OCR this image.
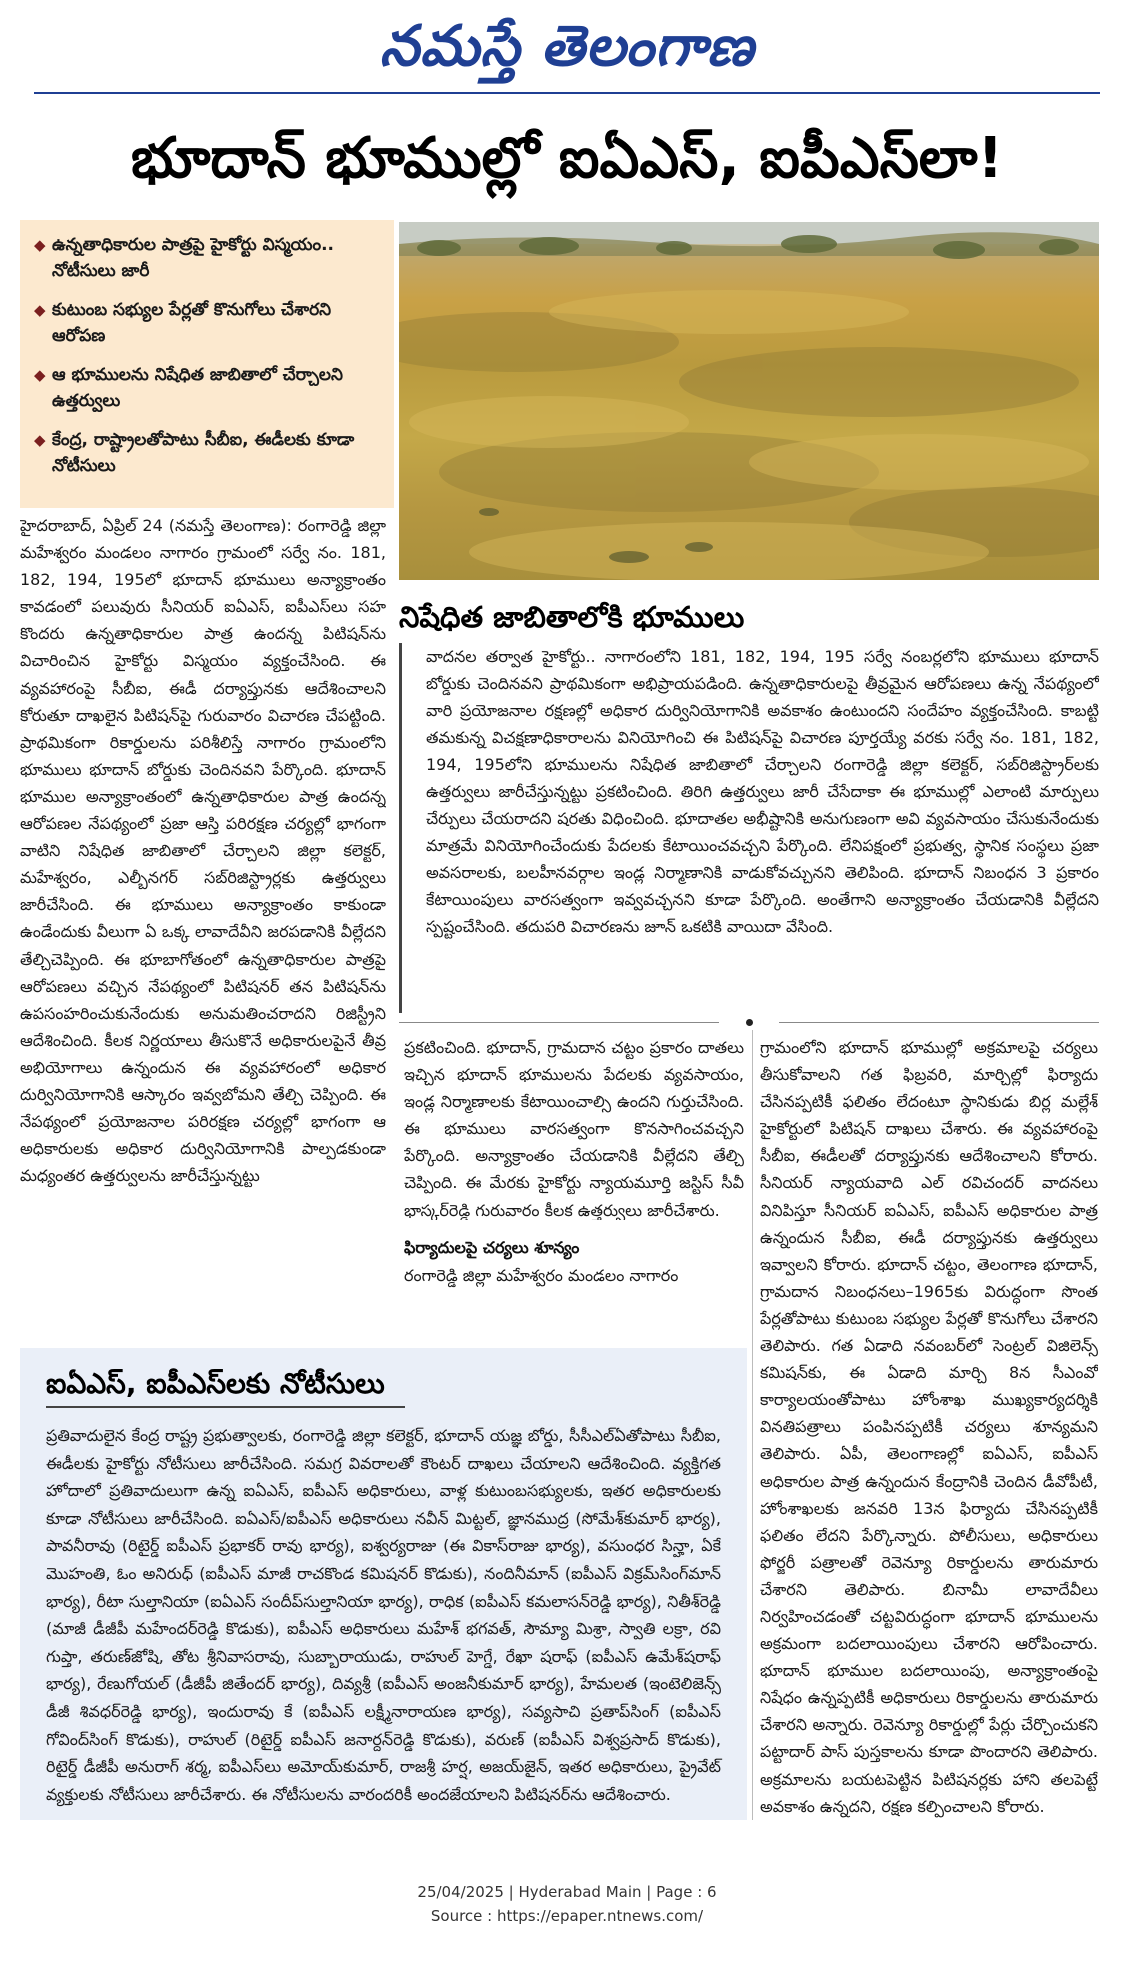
నమస్తే తెలంగాణ
భూదాన్ భూముల్లో ఐఏఎస్, ఐపీఎస్‌లా!
◆ ఉన్నతాధికారుల పాత్రపై హైకోర్టు విస్మయం.. నోటీసులు జారీ
◆ కుటుంబ సభ్యుల పేర్లతో కొనుగోలు చేశారని ఆరోపణ
◆ ఆ భూములను నిషేధిత జాబితాలో చేర్చాలని ఉత్తర్వులు
◆ కేంద్ర, రాష్ట్రాలతోపాటు సీబీఐ, ఈడీలకు కూడా నోటీసులు
హైదరాబాద్, ఏప్రిల్ 24 (నమస్తే తెలంగాణ): రంగారెడ్డి జిల్లా మహేశ్వరం మండలం నాగారం గ్రామంలో సర్వే నం. 181, 182, 194, 195లో భూదాన్ భూములు అన్యాక్రాంతం కావడంలో పలువురు సీనియర్ ఐఏఎస్, ఐపీఎస్‌లు సహ కొందరు ఉన్నతాధికారుల పాత్ర ఉందన్న పిటిషన్‌ను విచారించిన హైకోర్టు విస్మయం వ్యక్తంచేసింది. ఈ వ్యవహారంపై సీబీఐ, ఈడీ దర్యాప్తునకు ఆదేశించాలని కోరుతూ దాఖలైన పిటిషన్‌పై గురువారం విచారణ చేపట్టింది. ప్రాథమికంగా రికార్డులను పరిశీలిస్తే నాగారం గ్రామంలోని భూములు భూదాన్ బోర్డుకు చెందినవని పేర్కొంది. భూదాన్ భూముల అన్యాక్రాంతంలో ఉన్నతాధికారుల పాత్ర ఉందన్న ఆరోపణల నేపథ్యంలో ప్రజా ఆస్తి పరిరక్షణ చర్యల్లో భాగంగా వాటిని నిషేధిత జాబితాలో చేర్చాలని జిల్లా కలెక్టర్, మహేశ్వరం, ఎల్బీనగర్ సబ్‌రిజిస్ట్రార్లకు ఉత్తర్వులు జారీచేసింది. ఈ భూములు అన్యాక్రాంతం కాకుండా ఉండేందుకు వీలుగా ఏ ఒక్క లావాదేవీని జరపడానికి వీల్లేదని తేల్చిచెప్పింది. ఈ భూబాగోతంలో ఉన్నతాధికారుల పాత్రపై ఆరోపణలు వచ్చిన నేపథ్యంలో పిటిషనర్ తన పిటిషన్‌ను ఉపసంహరించుకునేందుకు అనుమతించరాదని రిజిస్ట్రీని ఆదేశించింది. కీలక నిర్ణయాలు తీసుకొనే అధికారులపైనే తీవ్ర అభియోగాలు ఉన్నందున ఈ వ్యవహారంలో అధికార దుర్వినియోగానికి ఆస్కారం ఇవ్వబోమని తేల్చి చెప్పింది. ఈ నేపథ్యంలో ప్రయోజనాల పరిరక్షణ చర్యల్లో భాగంగా ఆ అధికారులకు అధికార దుర్వినియోగానికి పాల్పడకుండా మధ్యంతర ఉత్తర్వులను జారీచేస్తున్నట్టు
నిషేధిత జాబితాలోకి భూములు
వాదనల తర్వాత హైకోర్టు.. నాగారంలోని 181, 182, 194, 195 సర్వే నంబర్లలోని భూములు భూదాన్ బోర్డుకు చెందినవని ప్రాథమికంగా అభిప్రాయపడింది. ఉన్నతాధికారులపై తీవ్రమైన ఆరోపణలు ఉన్న నేపథ్యంలో వారి ప్రయోజనాల రక్షణల్లో అధికార దుర్వినియోగానికి అవకాశం ఉంటుందని సందేహం వ్యక్తంచేసింది. కాబట్టి తమకున్న విచక్షణాధికారాలను వినియోగించి ఈ పిటిషన్‌పై విచారణ పూర్తయ్యే వరకు సర్వే నం. 181, 182, 194, 195లోని భూములను నిషేధిత జాబితాలో చేర్చాలని రంగారెడ్డి జిల్లా కలెక్టర్, సబ్‌రిజిస్ట్రార్‌లకు ఉత్తర్వులు జారీచేస్తున్నట్టు ప్రకటించింది. తిరిగి ఉత్తర్వులు జారీ చేసేదాకా ఈ భూముల్లో ఎలాంటి మార్పులు చేర్పులు చేయరాదని షరతు విధించింది. భూదాతల అభీష్టానికి అనుగుణంగా అవి వ్యవసాయం చేసుకునేందుకు మాత్రమే వినియోగించేందుకు పేదలకు కేటాయించవచ్చని పేర్కొంది. లేనిపక్షంలో ప్రభుత్వ, స్థానిక సంస్థలు ప్రజా అవసరాలకు, బలహీనవర్గాల ఇండ్ల నిర్మాణానికి వాడుకోవచ్చునని తెలిపింది. భూదాన్ నిబంధన 3 ప్రకారం కేటాయింపులు వారసత్వంగా ఇవ్వవచ్చనని కూడా పేర్కొంది. అంతేగాని అన్యాక్రాంతం చేయడానికి వీల్లేదని స్పష్టంచేసింది. తదుపరి విచారణను జూన్ ఒకటికి వాయిదా వేసింది.
ప్రకటించింది. భూదాన్, గ్రామదాన చట్టం ప్రకారం దాతలు ఇచ్చిన భూదాన్ భూములను పేదలకు వ్యవసాయం, ఇండ్ల నిర్మాణాలకు కేటాయించాల్సి ఉందని గుర్తుచేసింది. ఈ భూములు వారసత్వంగా కొనసాగించవచ్చని పేర్కొంది. అన్యాక్రాంతం చేయడానికి వీల్లేదని తేల్చి చెప్పింది. ఈ మేరకు హైకోర్టు న్యాయమూర్తి జస్టిస్ సీవీ భాస్కర్‌రెడ్డి గురువారం కీలక ఉత్తర్వులు జారీచేశారు.
ఫిర్యాదులపై చర్యలు శూన్యం
రంగారెడ్డి జిల్లా మహేశ్వరం మండలం నాగారం
గ్రామంలోని భూదాన్ భూముల్లో అక్రమాలపై చర్యలు తీసుకోవాలని గత ఫిబ్రవరి, మార్చిల్లో ఫిర్యాదు చేసినప్పటికీ ఫలితం లేదంటూ స్థానికుడు బిర్ల మల్లేశ్ హైకోర్టులో పిటిషన్ దాఖలు చేశారు. ఈ వ్యవహారంపై సీబీఐ, ఈడీలతో దర్యాప్తునకు ఆదేశించాలని కోరారు. సీనియర్ న్యాయవాది ఎల్ రవిచందర్ వాదనలు వినిపిస్తూ సీనియర్ ఐఏఎస్, ఐపీఎస్ అధికారుల పాత్ర ఉన్నందున సీబీఐ, ఈడీ దర్యాప్తునకు ఉత్తర్వులు ఇవ్వాలని కోరారు. భూదాన్ చట్టం, తెలంగాణ భూదాన్, గ్రామదాన నిబంధనలు–1965కు విరుద్ధంగా సొంత పేర్లతోపాటు కుటుంబ సభ్యుల పేర్లతో కొనుగోలు చేశారని తెలిపారు. గత ఏడాది నవంబర్‌లో సెంట్రల్ విజిలెన్స్ కమిషన్‌కు, ఈ ఏడాది మార్చి 8న సీఎంవో కార్యాలయంతోపాటు హోంశాఖ ముఖ్యకార్యదర్శికి వినతిపత్రాలు పంపినప్పటికీ చర్యలు శూన్యమని తెలిపారు. ఏపీ, తెలంగాణల్లో ఐఏఎస్, ఐపీఎస్ అధికారుల పాత్ర ఉన్నందున కేంద్రానికి చెందిన డీవోపీటీ, హోంశాఖలకు జనవరి 13న ఫిర్యాదు చేసినప్పటికీ ఫలితం లేదని పేర్కొన్నారు. పోలీసులు, అధికారులు ఫోర్జరీ పత్రాలతో రెవెన్యూ రికార్డులను తారుమారు చేశారని తెలిపారు. బినామీ లావాదేవీలు నిర్వహించడంతో చట్టవిరుద్ధంగా భూదాన్ భూములను అక్రమంగా బదలాయింపులు చేశారని ఆరోపించారు. భూదాన్ భూముల బదలాయింపు, అన్యాక్రాంతంపై నిషేధం ఉన్నప్పటికీ అధికారులు రికార్డులను తారుమారు చేశారని అన్నారు. రెవెన్యూ రికార్డుల్లో పేర్లు చేర్చొంచుకని పట్టాదార్ పాస్ పుస్తకాలను కూడా పొందారని తెలిపారు. అక్రమాలను బయటపెట్టిన పిటిషనర్లకు హాని తలపెట్టే అవకాశం ఉన్నదని, రక్షణ కల్పించాలని కోరారు.
ఐఏఎస్, ఐపీఎస్‌లకు నోటీసులు
ప్రతివాదులైన కేంద్ర రాష్ట్ర ప్రభుత్వాలకు, రంగారెడ్డి జిల్లా కలెక్టర్, భూదాన్ యజ్ఞ బోర్డు, సీసీఎల్ఏతోపాటు సీబీఐ, ఈడీలకు హైకోర్టు నోటీసులు జారీచేసింది. సమగ్ర వివరాలతో కౌంటర్ దాఖలు చేయాలని ఆదేశించింది. వ్యక్తిగత హోదాలో ప్రతివాదులుగా ఉన్న ఐఏఎస్, ఐపీఎస్ అధికారులు, వాళ్ల కుటుంబసభ్యులకు, ఇతర అధికారులకు కూడా నోటీసులు జారీచేసింది. ఐఏఎస్/ఐపీఎస్ అధికారులు నవీన్ మిట్టల్, జ్ఞానముద్ర (సోమేశ్‌కుమార్ భార్య), పావనీరావు (రిటైర్డ్ ఐపీఎస్ ప్రభాకర్ రావు భార్య), ఐశ్వర్యరాజు (ఈ వికాస్‌రాజు భార్య), వసుంధర సిన్హా, ఏకే మొహంతి, ఓం అనిరుధ్ (ఐపీఎస్ మాజీ రాచకొండ కమిషనర్ కొడుకు), నందినీమాన్ (ఐపీఎస్ విక్రమ్‌సింగ్‌మాన్ భార్య), రీటా సుల్తానియా (ఐఏఎస్ సందీప్‌సుల్తానియా భార్య), రాధిక (ఐపీఎస్ కమలాసన్‌రెడ్డి భార్య), నితీశ్‌రెడ్డి (మాజీ డీజీపీ మహేందర్‌రెడ్డి కొడుకు), ఐపీఎస్ అధికారులు మహేశ్ భగవత్, సౌమ్యా మిశ్రా, స్వాతి లక్రా, రవి గుప్తా, తరుణ్‌జోషి, తోట శ్రీనివాసరావు, సుబ్బారాయుడు, రాహుల్ హెగ్డే, రేఖా షరాఫ్ (ఐపీఎస్ ఉమేశ్‌షరాఫ్ భార్య), రేణుగోయల్ (డీజీపీ జితేందర్ భార్య), దివ్యశ్రీ (ఐపీఎస్ అంజనీకుమార్ భార్య), హేమలత (ఇంటెలిజెన్స్ డీజీ శివధర్‌రెడ్డి భార్య), ఇందురావు కే (ఐపీఎస్ లక్ష్మీనారాయణ భార్య), సవ్యసాచి ప్రతాప్‌సింగ్ (ఐపీఎస్ గోవింద్‌సింగ్ కొడుకు), రాహుల్ (రిటైర్డ్ ఐపీఎస్ జనార్దన్‌రెడ్డి కొడుకు), వరుణ్ (ఐపీఎస్ విశ్వప్రసాద్ కొడుకు), రిటైర్డ్ డీజీపీ అనురాగ్ శర్మ, ఐపీఎస్‌లు అమోయ్‌కుమార్, రాజశ్రీ హర్ష, అజయ్‌జైన్, ఇతర అధికారులు, ప్రైవేట్ వ్యక్తులకు నోటీసులు జారీచేశారు. ఈ నోటీసులను వారందరికీ అందజేయాలని పిటిషనర్‌ను ఆదేశించారు.
25/04/2025 | Hyderabad Main | Page : 6
Source : https://epaper.ntnews.com/
